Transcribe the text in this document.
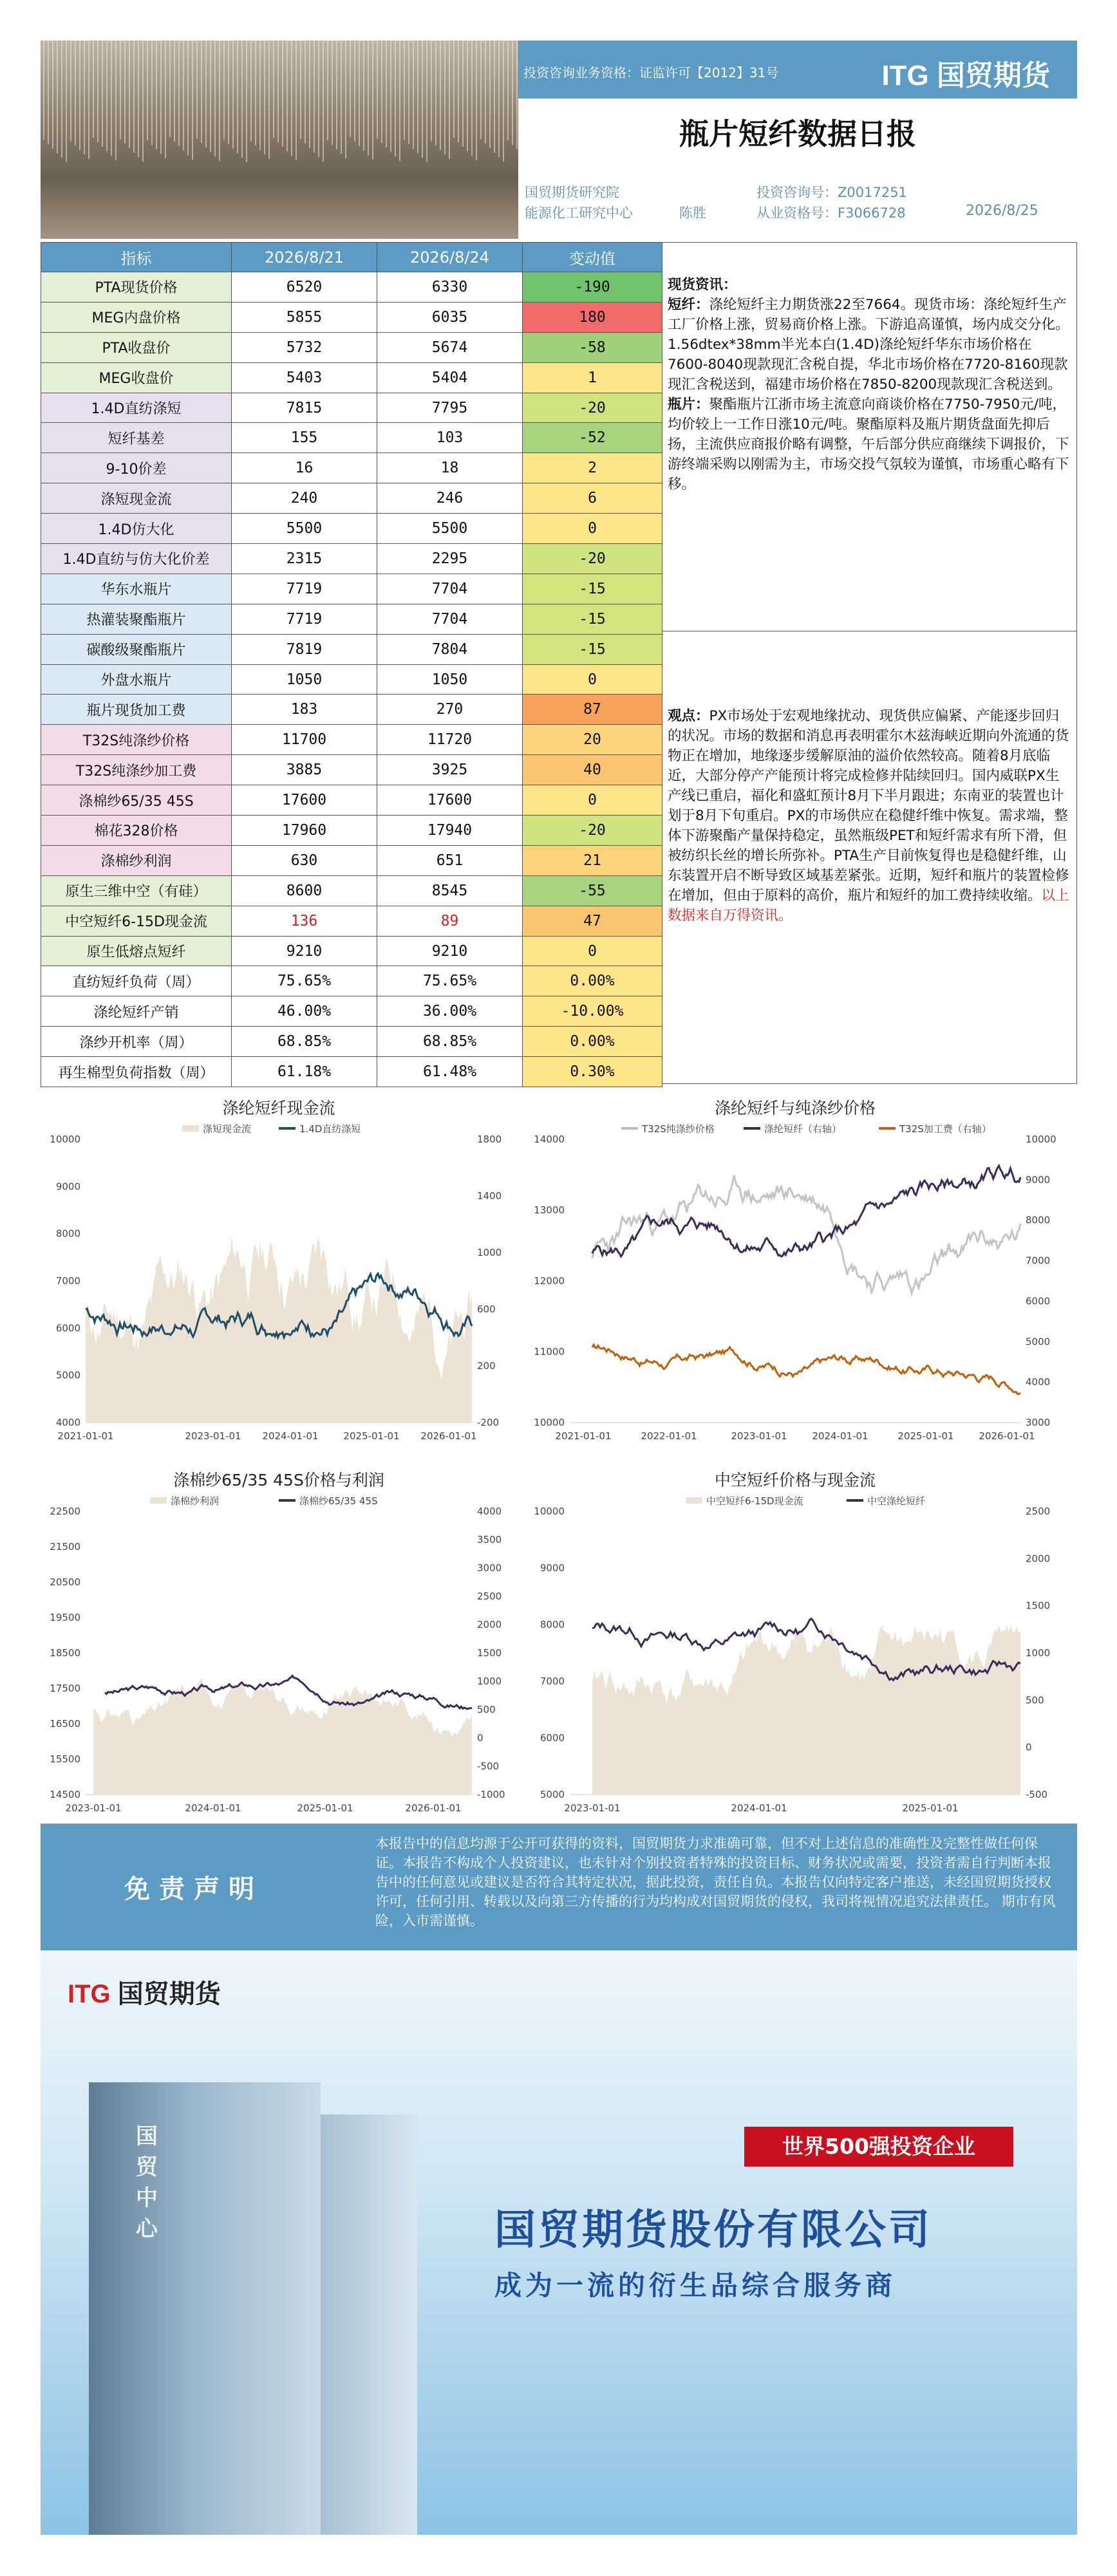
投资咨询业务资格：证监许可【2012】31号	ITG 国贸期货
瓶片短纤数据日报
国贸期货研究院
能源化工研究中心	陈胜
投资咨询号：Z0017251
从业资格号：F3066728	2026/8/25
指标	2026/8/21	2026/8/24	变动值
PTA现货价格	6520	6330	-190
MEG内盘价格	5855	6035	180
PTA收盘价	5732	5674	-58
MEG收盘价	5403	5404	1
1.4D直纺涤短	7815	7795	-20
短纤基差	155	103	-52
9-10价差	16	18	2
涤短现金流	240	246	6
1.4D仿大化	5500	5500	0
1.4D直纺与仿大化价差	2315	2295	-20
华东水瓶片	7719	7704	-15
热灌装聚酯瓶片	7719	7704	-15
碳酸级聚酯瓶片	7819	7804	-15
外盘水瓶片	1050	1050	0
瓶片现货加工费	183	270	87
T32S纯涤纱价格	11700	11720	20
T32S纯涤纱加工费	3885	3925	40
涤棉纱65/35 45S	17600	17600	0
棉花328价格	17960	17940	-20
涤棉纱利润	630	651	21
原生三维中空（有硅）	8600	8545	-55
中空短纤6-15D现金流	136	89	47
原生低熔点短纤	9210	9210	0
直纺短纤负荷（周）	75.65%	75.65%	0.00%
涤纶短纤产销	46.00%	36.00%	-10.00%
涤纱开机率（周）	68.85%	68.85%	0.00%
再生棉型负荷指数（周）	61.18%	61.48%	0.30%
现货资讯：
短纤：涤纶短纤主力期货涨22至7664。现货市场：涤纶短纤生产工厂价格上涨，贸易商价格上涨。下游追高谨慎，场内成交分化。1.56dtex*38mm半光本白(1.4D)涤纶短纤华东市场价格在7600-8040现款现汇含税自提，华北市场价格在7720-8160现款现汇含税送到，福建市场价格在7850-8200现款现汇含税送到。
瓶片：聚酯瓶片江浙市场主流意向商谈价格在7750-7950元/吨，均价较上一工作日涨10元/吨。聚酯原料及瓶片期货盘面先抑后扬，主流供应商报价略有调整，午后部分供应商继续下调报价，下游终端采购以刚需为主，市场交投气氛较为谨慎，市场重心略有下移。
观点：PX市场处于宏观地缘扰动、现货供应偏紧、产能逐步回归的状况。市场的数据和消息再表明霍尔木兹海峡近期向外流通的货物正在增加，地缘逐步缓解原油的溢价依然较高。随着8月底临近，大部分停产产能预计将完成检修并陆续回归。国内威联PX生产线已重启，福化和盛虹预计8月下半月跟进；东南亚的装置也计划于8月下旬重启。PX的市场供应在稳健纤维中恢复。需求端，整体下游聚酯产量保持稳定，虽然瓶级PET和短纤需求有所下滑，但被纺织长丝的增长所弥补。PTA生产目前恢复得也是稳健纤维，山东装置开启不断导致区域基差紧张。近期，短纤和瓶片的装置检修在增加，但由于原料的高价，瓶片和短纤的加工费持续收缩。以上数据来自万得资讯。
涤纶短纤现金流
涤短现金流	1.4D直纺涤短
4000
5000
6000
7000
8000
9000
10000
-200
200
600
1000
1400
1800
2021-01-01	2023-01-01 2024-01-01	2025-01-01 2026-01-01
涤纶短纤与纯涤纱价格
T32S纯涤纱价格	涤纶短纤（右轴）	T32S加工费（右轴）
10000
11000
12000
13000
14000
3000
4000
5000
6000
7000
8000
9000
10000
2021-01-01	2022-01-01	2023-01-01	2024-01-01	2025-01-01	2026-01-01
涤棉纱65/35 45S价格与利润
涤棉纱利润	涤棉纱65/35 45S
14500
15500
16500
17500
18500
19500
20500
21500
22500
-1000
-500
0
500
1000
1500
2000
2500
3000
3500
4000
2023-01-01	2024-01-01	2025-01-01	2026-01-01
中空短纤价格与现金流
中空短纤6-15D现金流	中空涤纶短纤
5000
6000
7000
8000
9000
10000
-500
0
500
1000
1500
2000
2500
2023-01-01	2024-01-01	2025-01-01
免责声明
本报告中的信息均源于公开可获得的资料，国贸期货力求准确可靠，但不对上述信息的准确性及完整性做任何保证。本报告不构成个人投资建议，也未针对个别投资者特殊的投资目标、财务状况或需要，投资者需自行判断本报告中的任何意见或建议是否符合其特定状况，据此投资，责任自负。本报告仅向特定客户推送，未经国贸期货授权许可，任何引用、转载以及向第三方传播的行为均构成对国贸期货的侵权，我司将视情况追究法律责任。 期市有风险，入市需谨慎。
ITG 国贸期货
国贸中心
世界500强投资企业
国贸期货股份有限公司
成为一流的衍生品综合服务商
